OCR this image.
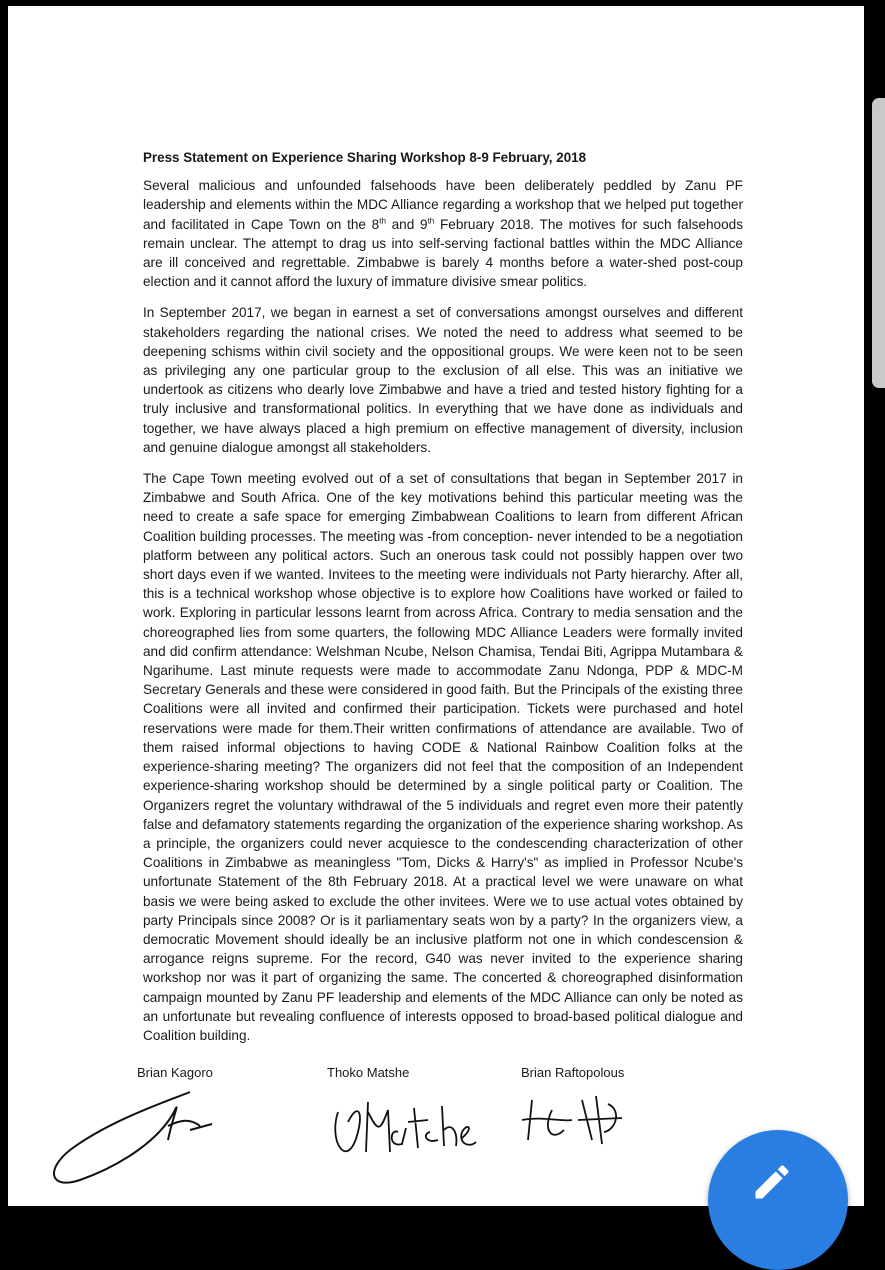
Press Statement on Experience Sharing Workshop 8-9 February, 2018

Several malicious and unfounded falsehoods have been deliberately peddled by Zanu PF leadership and elements within the MDC Alliance regarding a workshop that we helped put together and facilitated in Cape Town on the 8th and 9th February 2018. The motives for such falsehoods remain unclear. The attempt to drag us into self-serving factional battles within the MDC Alliance are ill conceived and regrettable. Zimbabwe is barely 4 months before a water-shed post-coup election and it cannot afford the luxury of immature divisive smear politics.

In September 2017, we began in earnest a set of conversations amongst ourselves and different stakeholders regarding the national crises. We noted the need to address what seemed to be deepening schisms within civil society and the oppositional groups. We were keen not to be seen as privileging any one particular group to the exclusion of all else. This was an initiative we undertook as citizens who dearly love Zimbabwe and have a tried and tested history fighting for a truly inclusive and transformational politics. In everything that we have done as individuals and together, we have always placed a high premium on effective management of diversity, inclusion and genuine dialogue amongst all stakeholders.

The Cape Town meeting evolved out of a set of consultations that began in September 2017 in Zimbabwe and South Africa. One of the key motivations behind this particular meeting was the need to create a safe space for emerging Zimbabwean Coalitions to learn from different African Coalition building processes. The meeting was -from conception- never intended to be a negotiation platform between any political actors. Such an onerous task could not possibly happen over two short days even if we wanted. Invitees to the meeting were individuals not Party hierarchy. After all, this is a technical workshop whose objective is to explore how Coalitions have worked or failed to work. Exploring in particular lessons learnt from across Africa. Contrary to media sensation and the choreographed lies from some quarters, the following MDC Alliance Leaders were formally invited and did confirm attendance: Welshman Ncube, Nelson Chamisa, Tendai Biti, Agrippa Mutambara & Ngarihume. Last minute requests were made to accommodate Zanu Ndonga, PDP & MDC-M Secretary Generals and these were considered in good faith. But the Principals of the existing three Coalitions were all invited and confirmed their participation. Tickets were purchased and hotel reservations were made for them.Their written confirmations of attendance are available. Two of them raised informal objections to having CODE & National Rainbow Coalition folks at the experience-sharing meeting? The organizers did not feel that the composition of an Independent experience-sharing workshop should be determined by a single political party or Coalition. The Organizers regret the voluntary withdrawal of the 5 individuals and regret even more their patently false and defamatory statements regarding the organization of the experience sharing workshop. As a principle, the organizers could never acquiesce to the condescending characterization of other Coalitions in Zimbabwe as meaningless "Tom, Dicks & Harry's" as implied in Professor Ncube's unfortunate Statement of the 8th February 2018. At a practical level we were unaware on what basis we were being asked to exclude the other invitees. Were we to use actual votes obtained by party Principals since 2008? Or is it parliamentary seats won by a party? In the organizers view, a democratic Movement should ideally be an inclusive platform not one in which condescension & arrogance reigns supreme. For the record, G40 was never invited to the experience sharing workshop nor was it part of organizing the same. The concerted & choreographed disinformation campaign mounted by Zanu PF leadership and elements of the MDC Alliance can only be noted as an unfortunate but revealing confluence of interests opposed to broad-based political dialogue and Coalition building.

Brian Kagoro	Thoko Matshe	Brian Raftopolous
